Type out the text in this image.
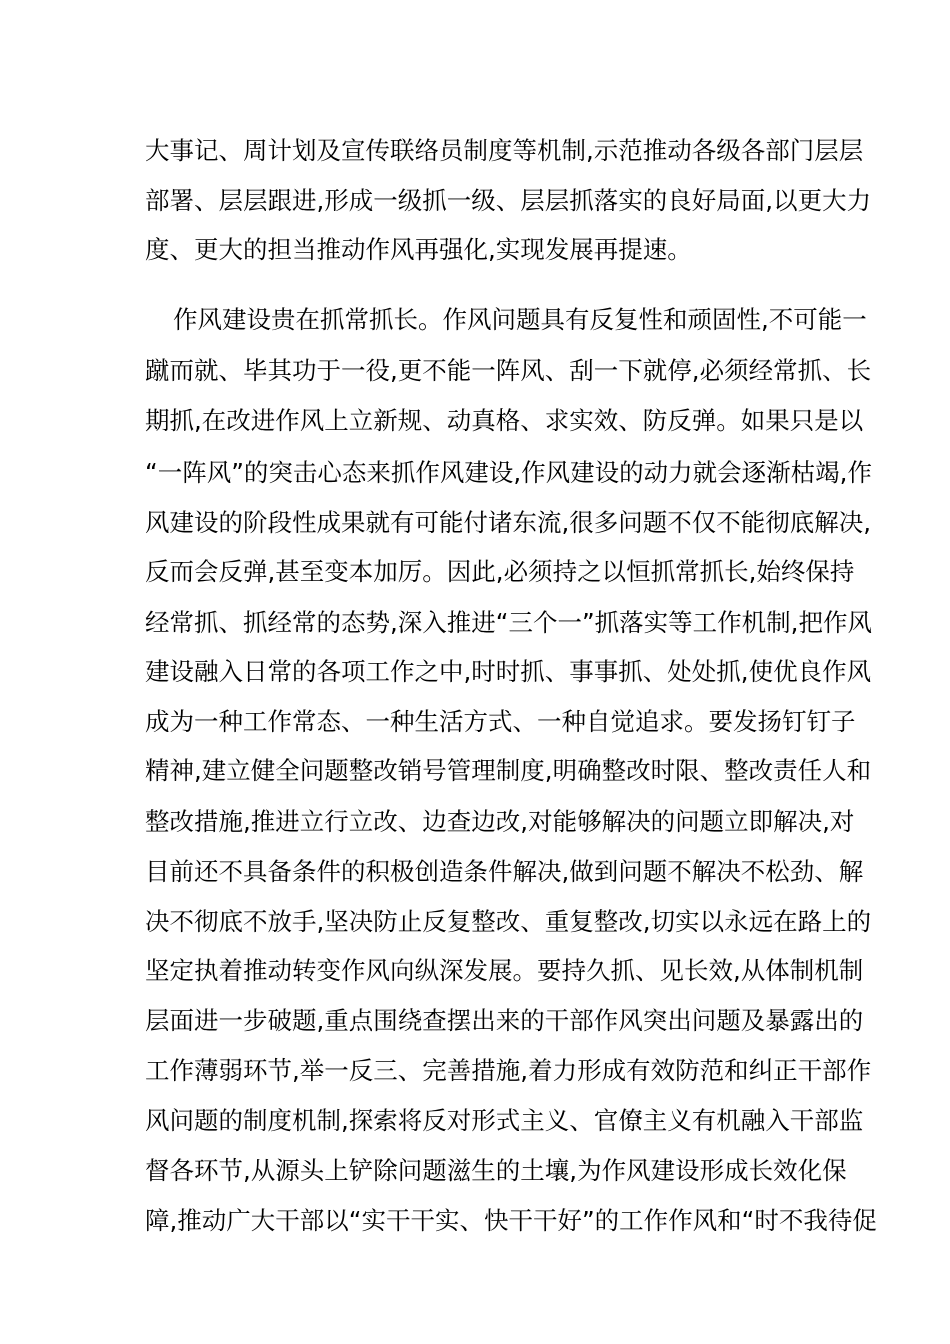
大事记、周计划及宣传联络员制度等机制,示范推动各级各部门层层
部署、层层跟进,形成一级抓一级、层层抓落实的良好局面,以更大力
度、更大的担当推动作风再强化,实现发展再提速。
作风建设贵在抓常抓长。作风问题具有反复性和顽固性,不可能一
蹴而就、毕其功于一役,更不能一阵风、刮一下就停,必须经常抓、长
期抓,在改进作风上立新规、动真格、求实效、防反弹。如果只是以
“一阵风”的突击心态来抓作风建设,作风建设的动力就会逐渐枯竭,作
风建设的阶段性成果就有可能付诸东流,很多问题不仅不能彻底解决,
反而会反弹,甚至变本加厉。因此,必须持之以恒抓常抓长,始终保持
经常抓、抓经常的态势,深入推进“三个一”抓落实等工作机制,把作风
建设融入日常的各项工作之中,时时抓、事事抓、处处抓,使优良作风
成为一种工作常态、一种生活方式、一种自觉追求。要发扬钉钉子
精神,建立健全问题整改销号管理制度,明确整改时限、整改责任人和
整改措施,推进立行立改、边查边改,对能够解决的问题立即解决,对
目前还不具备条件的积极创造条件解决,做到问题不解决不松劲、解
决不彻底不放手,坚决防止反复整改、重复整改,切实以永远在路上的
坚定执着推动转变作风向纵深发展。要持久抓、见长效,从体制机制
层面进一步破题,重点围绕查摆出来的干部作风突出问题及暴露出的
工作薄弱环节,举一反三、完善措施,着力形成有效防范和纠正干部作
风问题的制度机制,探索将反对形式主义、官僚主义有机融入干部监
督各环节,从源头上铲除问题滋生的土壤,为作风建设形成长效化保
障,推动广大干部以“实干干实、快干干好”的工作作风和“时不我待促
